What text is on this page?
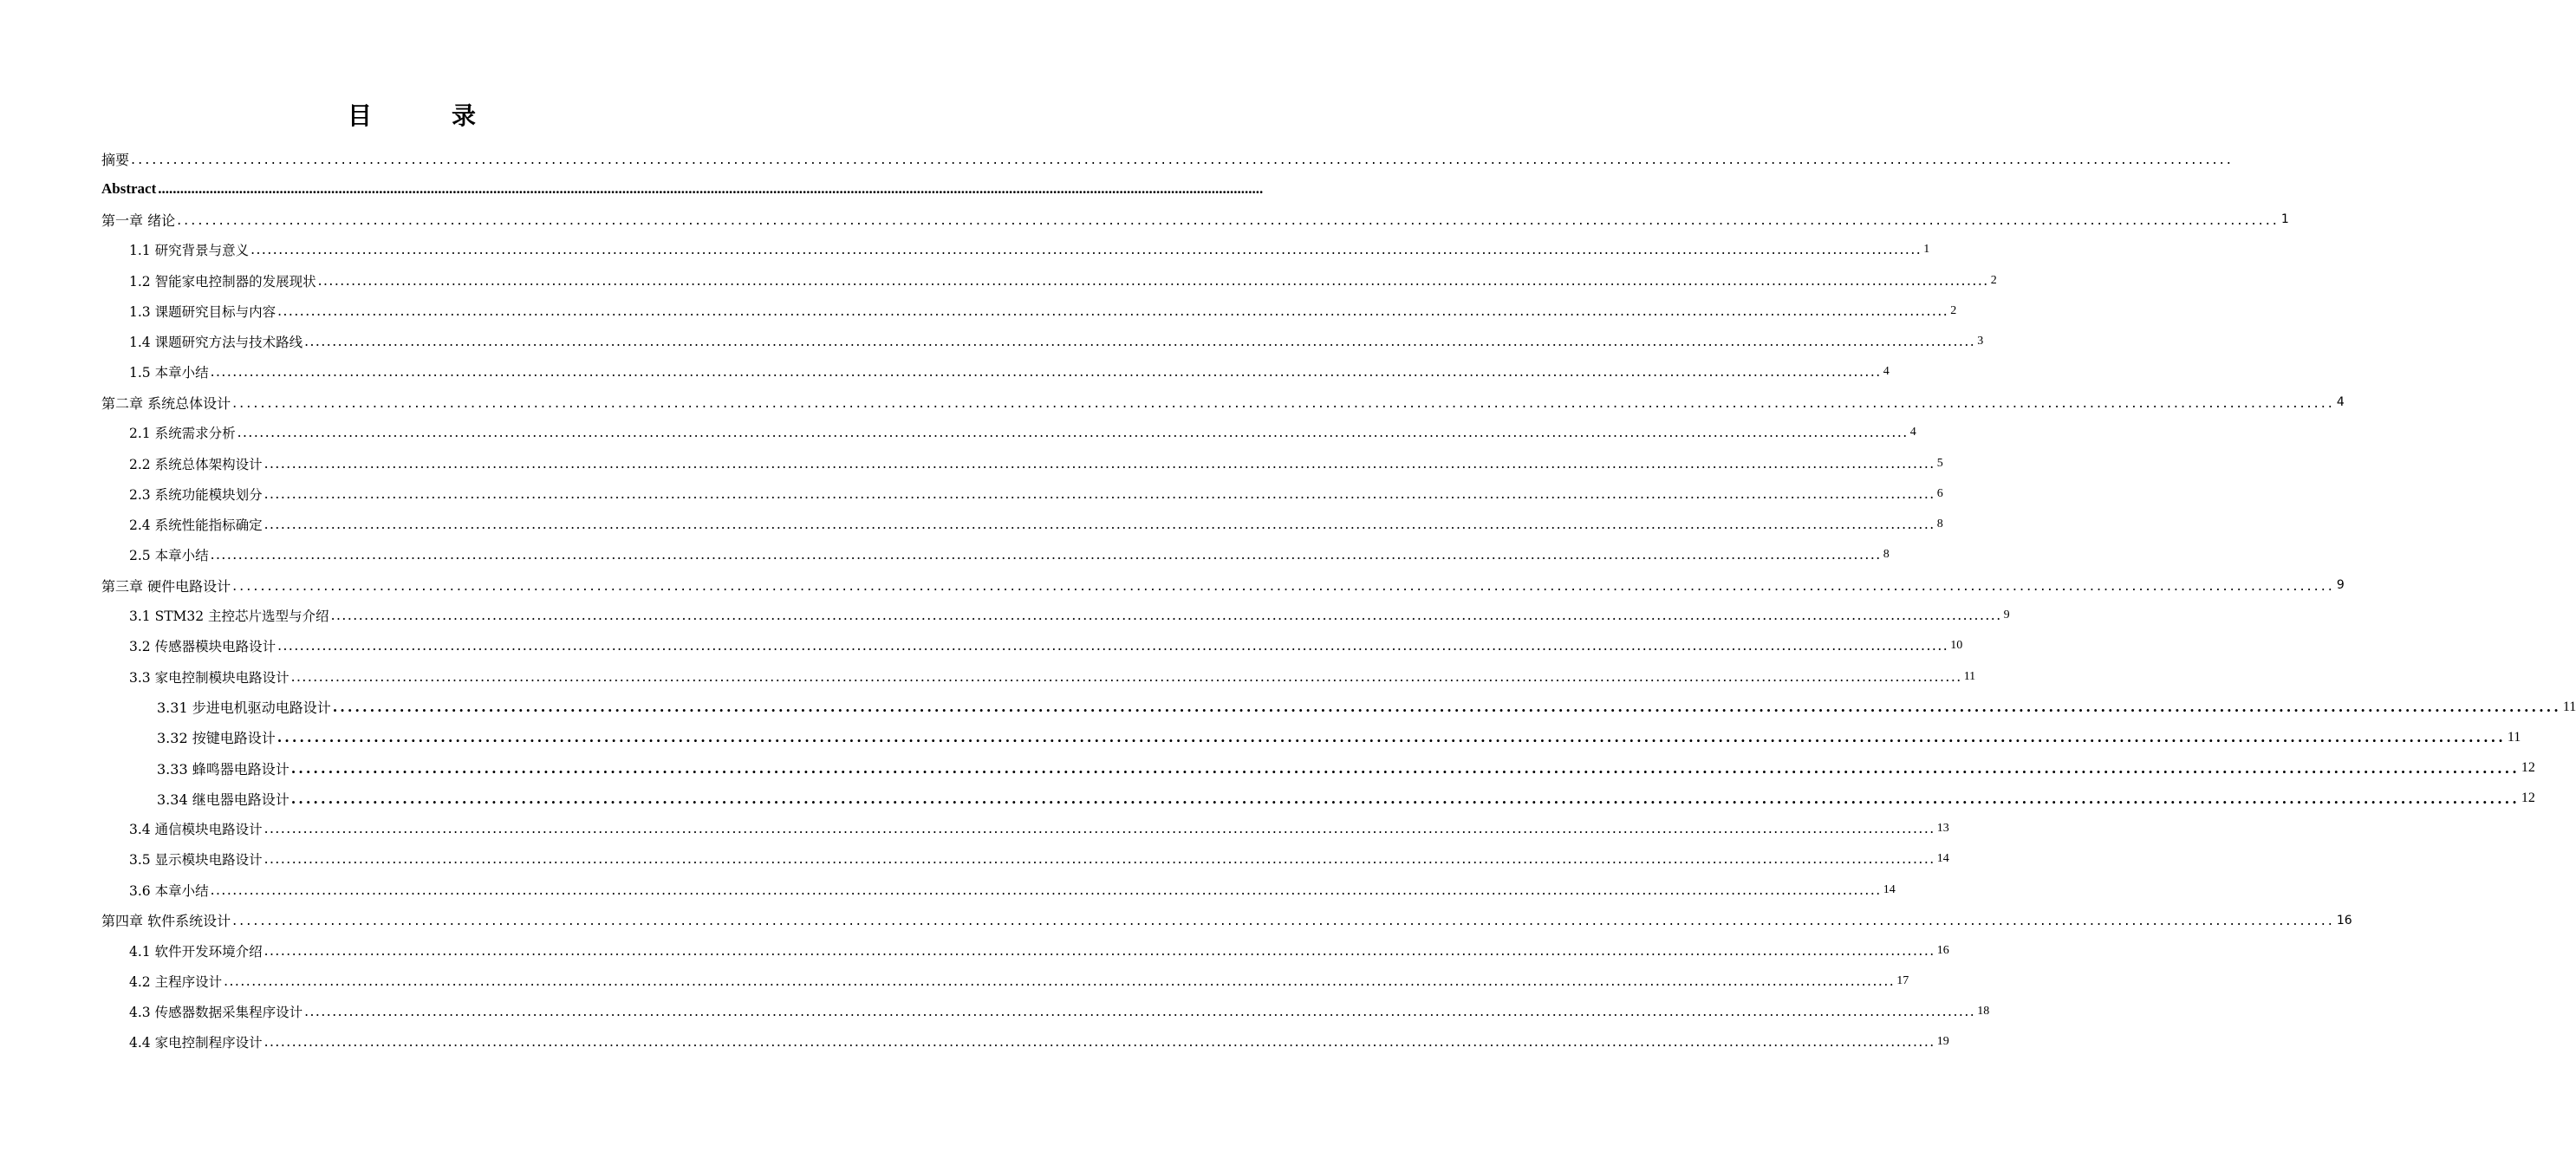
目　录
摘要 ............................................................................................................................................................................................................................................................................................................
Abstract ............................................................................................................................................................................................................................................................................................................
第一章 绪论 ............................................................................................................................................................................................................................................................................................................ 1
1.1 研究背景与意义 ............................................................................................................................................................................................................................................................................................................ 1
1.2 智能家电控制器的发展现状 ............................................................................................................................................................................................................................................................................................................ 2
1.3 课题研究目标与内容 ............................................................................................................................................................................................................................................................................................................ 2
1.4 课题研究方法与技术路线 ............................................................................................................................................................................................................................................................................................................ 3
1.5 本章小结 ............................................................................................................................................................................................................................................................................................................ 4
第二章 系统总体设计 ............................................................................................................................................................................................................................................................................................................ 4
2.1 系统需求分析 ............................................................................................................................................................................................................................................................................................................ 4
2.2 系统总体架构设计 ............................................................................................................................................................................................................................................................................................................ 5
2.3 系统功能模块划分 ............................................................................................................................................................................................................................................................................................................ 6
2.4 系统性能指标确定 ............................................................................................................................................................................................................................................................................................................ 8
2.5 本章小结 ............................................................................................................................................................................................................................................................................................................ 8
第三章 硬件电路设计 ............................................................................................................................................................................................................................................................................................................ 9
3.1 STM32 主控芯片选型与介绍 ............................................................................................................................................................................................................................................................................................................ 9
3.2 传感器模块电路设计 ............................................................................................................................................................................................................................................................................................................ 10
3.3 家电控制模块电路设计 ............................................................................................................................................................................................................................................................................................................ 11
3.31 步进电机驱动电路设计 ............................................................................................................................................................................................................................................................................................................ 11
3.32 按键电路设计 ............................................................................................................................................................................................................................................................................................................ 11
3.33 蜂鸣器电路设计 ............................................................................................................................................................................................................................................................................................................ 12
3.34 继电器电路设计 ............................................................................................................................................................................................................................................................................................................ 12
3.4 通信模块电路设计 ............................................................................................................................................................................................................................................................................................................ 13
3.5 显示模块电路设计 ............................................................................................................................................................................................................................................................................................................ 14
3.6 本章小结 ............................................................................................................................................................................................................................................................................................................ 14
第四章 软件系统设计 ............................................................................................................................................................................................................................................................................................................ 16
4.1 软件开发环境介绍 ............................................................................................................................................................................................................................................................................................................ 16
4.2 主程序设计 ............................................................................................................................................................................................................................................................................................................ 17
4.3 传感器数据采集程序设计 ............................................................................................................................................................................................................................................................................................................ 18
4.4 家电控制程序设计 ............................................................................................................................................................................................................................................................................................................ 19
